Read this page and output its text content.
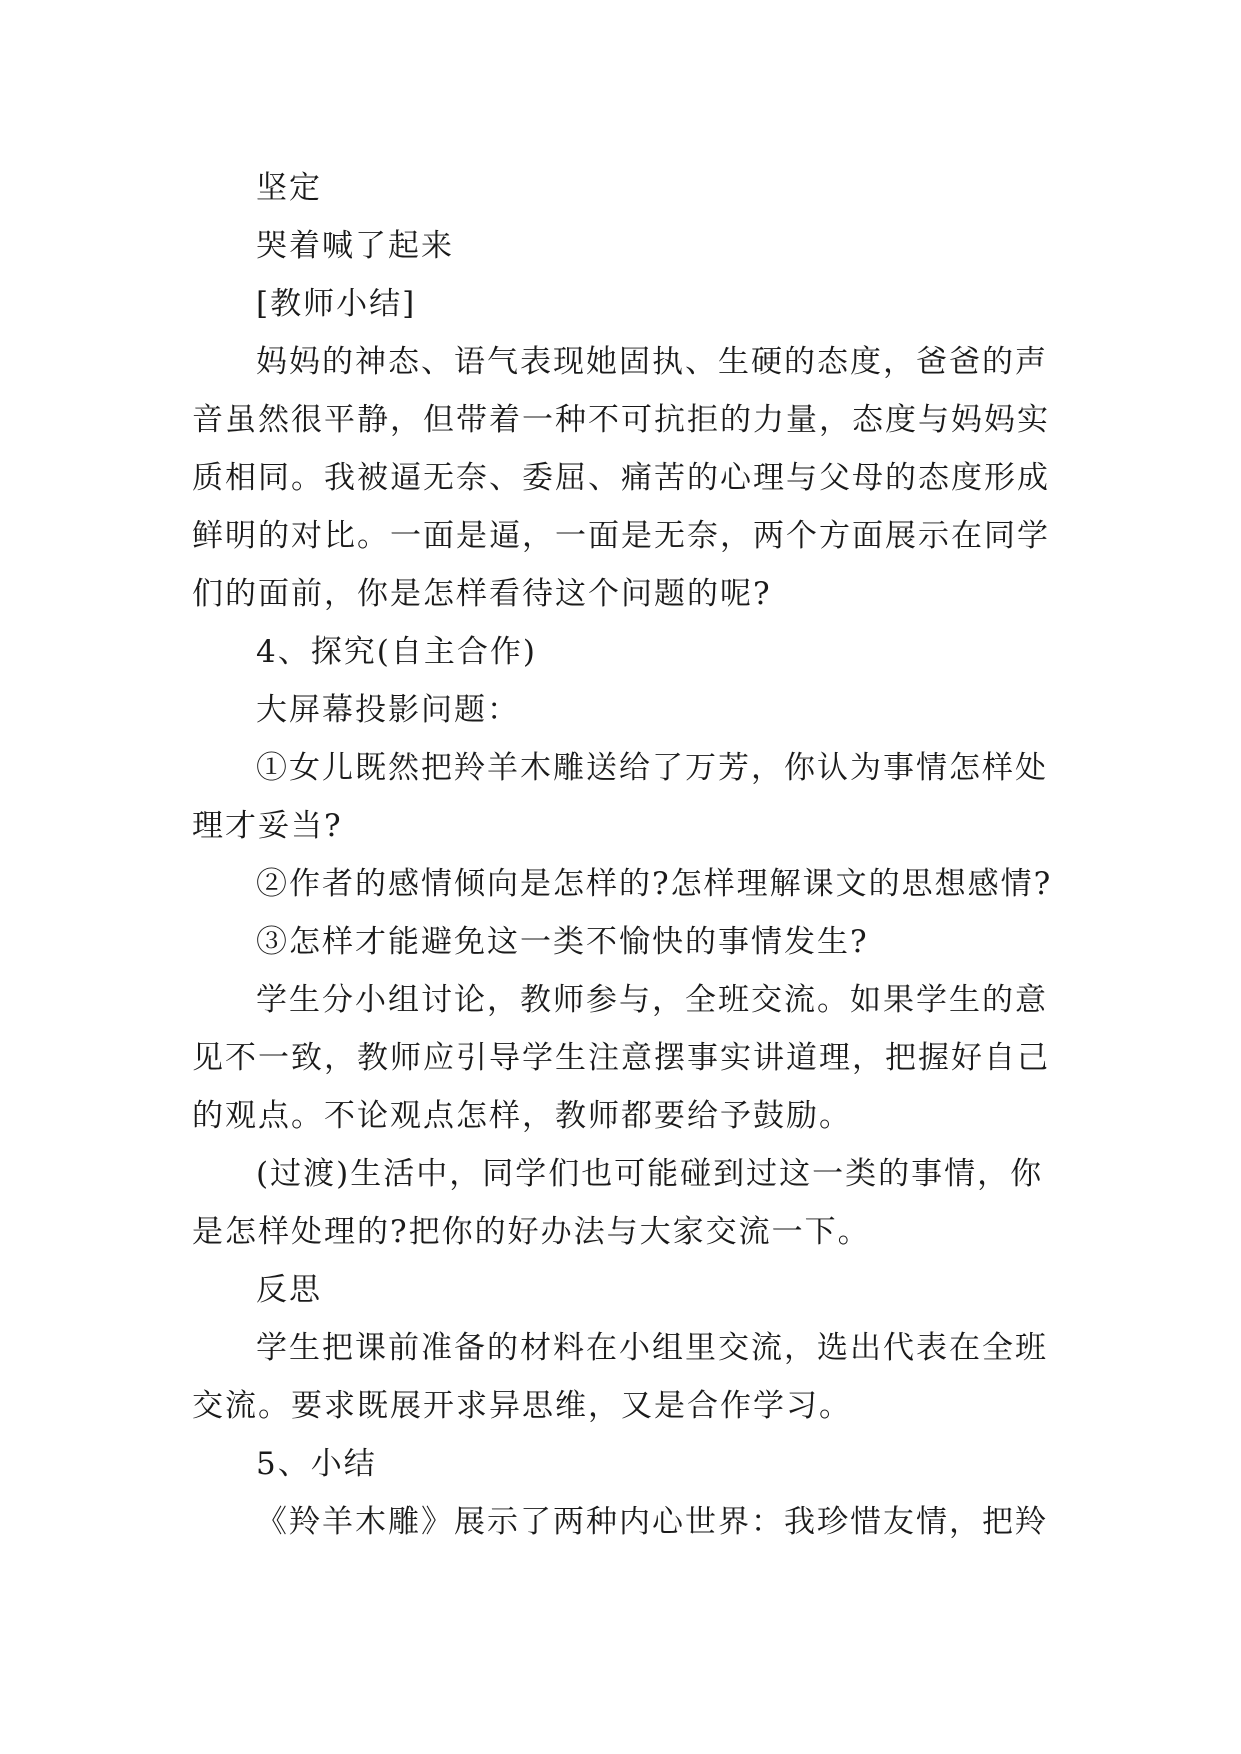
坚定
哭着喊了起来
[教师小结]
妈妈的神态、语气表现她固执、生硬的态度，爸爸的声
音虽然很平静，但带着一种不可抗拒的力量，态度与妈妈实
质相同。我被逼无奈、委屈、痛苦的心理与父母的态度形成
鲜明的对比。一面是逼，一面是无奈，两个方面展示在同学
们的面前，你是怎样看待这个问题的呢?
4、探究(自主合作)
大屏幕投影问题：
①女儿既然把羚羊木雕送给了万芳，你认为事情怎样处
理才妥当?
②作者的感情倾向是怎样的?怎样理解课文的思想感情?
③怎样才能避免这一类不愉快的事情发生?
学生分小组讨论，教师参与，全班交流。如果学生的意
见不一致，教师应引导学生注意摆事实讲道理，把握好自己
的观点。不论观点怎样，教师都要给予鼓励。
(过渡)生活中，同学们也可能碰到过这一类的事情，你
是怎样处理的?把你的好办法与大家交流一下。
反思
学生把课前准备的材料在小组里交流，选出代表在全班
交流。要求既展开求异思维，又是合作学习。
5、小结
《羚羊木雕》展示了两种内心世界：我珍惜友情，把羚
